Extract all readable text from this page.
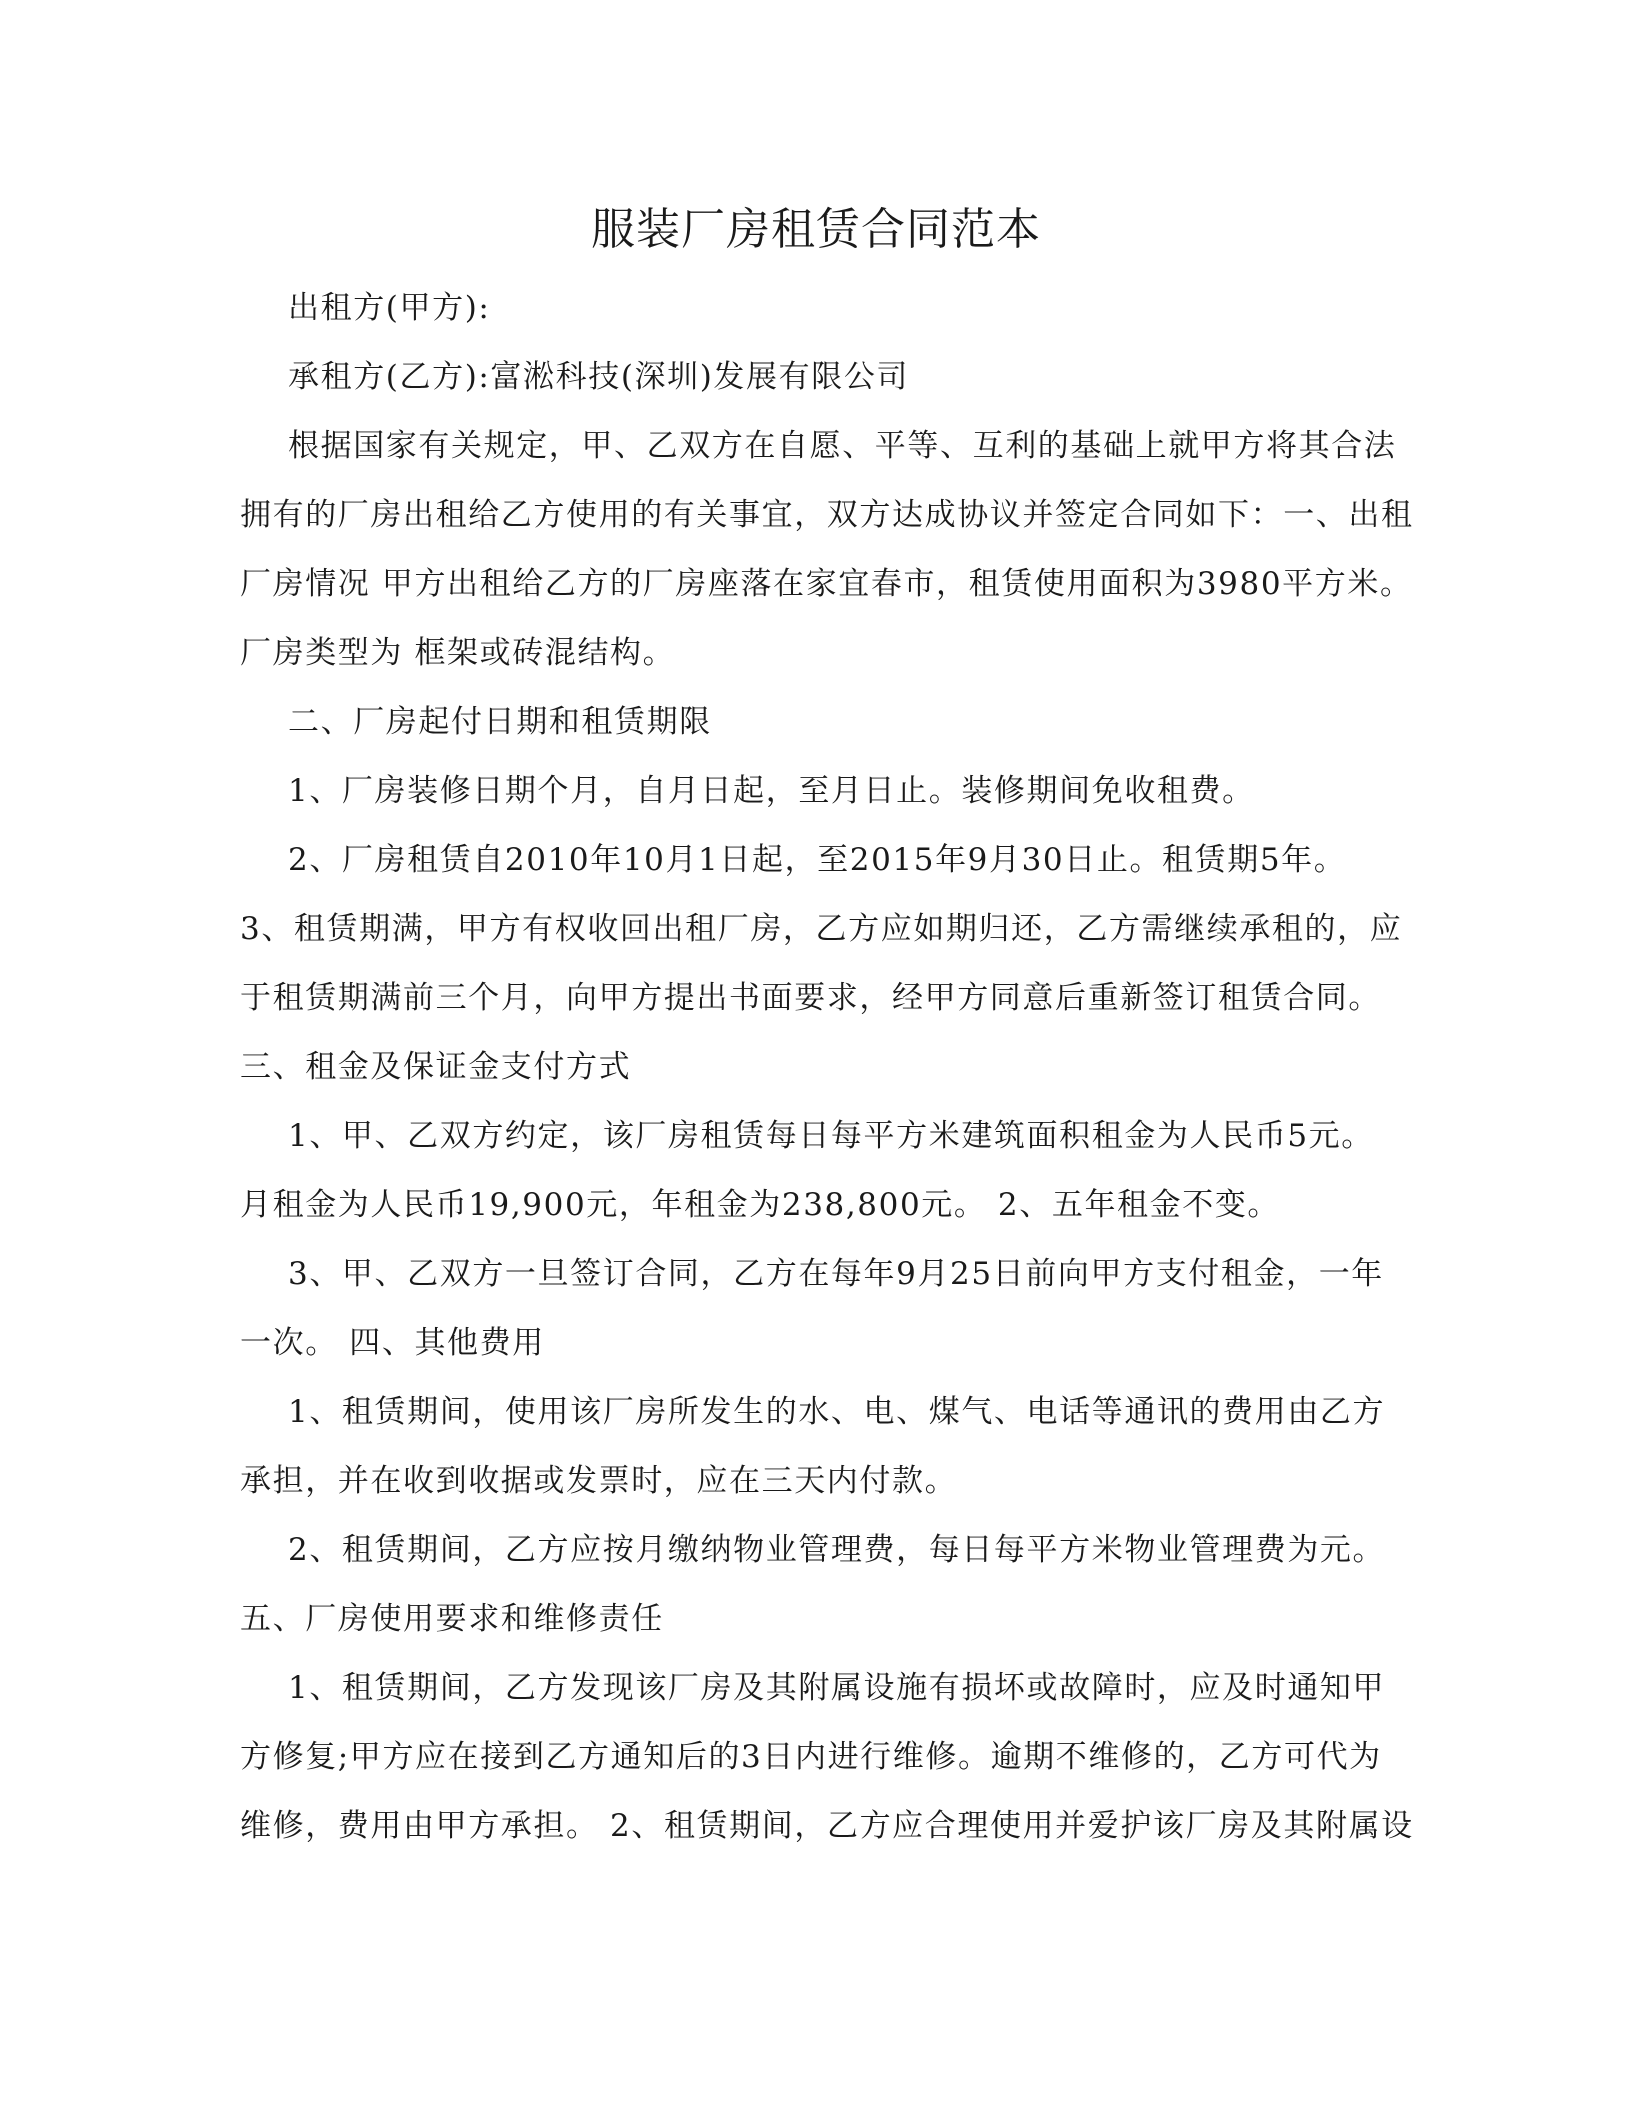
服装厂房租赁合同范本
出租方(甲方):
承租方(乙方):富淞科技(深圳)发展有限公司
根据国家有关规定，甲、乙双方在自愿、平等、互利的基础上就甲方将其合法
拥有的厂房出租给乙方使用的有关事宜，双方达成协议并签定合同如下：一、出租
厂房情况 甲方出租给乙方的厂房座落在家宜春市，租赁使用面积为3980平方米。
厂房类型为 框架或砖混结构。
二、厂房起付日期和租赁期限
1、厂房装修日期个月，自月日起，至月日止。装修期间免收租费。
2、厂房租赁自2010年10月1日起，至2015年9月30日止。租赁期5年。
3、租赁期满，甲方有权收回出租厂房，乙方应如期归还，乙方需继续承租的，应
于租赁期满前三个月，向甲方提出书面要求，经甲方同意后重新签订租赁合同。
三、租金及保证金支付方式
1、甲、乙双方约定，该厂房租赁每日每平方米建筑面积租金为人民币5元。
月租金为人民币19,900元，年租金为238,800元。 2、五年租金不变。
3、甲、乙双方一旦签订合同，乙方在每年9月25日前向甲方支付租金，一年
一次。 四、其他费用
1、租赁期间，使用该厂房所发生的水、电、煤气、电话等通讯的费用由乙方
承担，并在收到收据或发票时，应在三天内付款。
2、租赁期间，乙方应按月缴纳物业管理费，每日每平方米物业管理费为元。
五、厂房使用要求和维修责任
1、租赁期间，乙方发现该厂房及其附属设施有损坏或故障时，应及时通知甲
方修复;甲方应在接到乙方通知后的3日内进行维修。逾期不维修的，乙方可代为
维修，费用由甲方承担。 2、租赁期间，乙方应合理使用并爱护该厂房及其附属设
